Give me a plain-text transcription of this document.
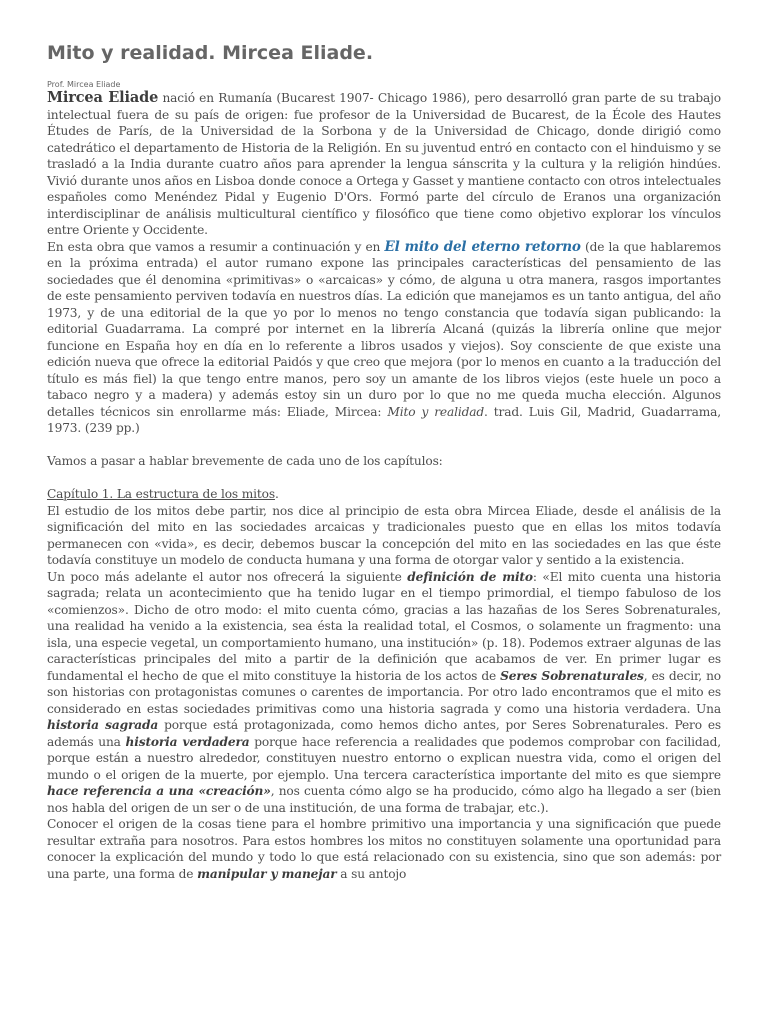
Mito y realidad. Mircea Eliade.
Prof. Mircea Eliade

Mircea Eliade nació en Rumanía (Bucarest 1907- Chicago 1986), pero desarrolló gran parte de su trabajo intelectual fuera de su país de origen: fue profesor de la Universidad de Bucarest, de la École des Hautes Études de París, de la Universidad de la Sorbona y de la Universidad de Chicago, donde dirigió como catedrático el departamento de Historia de la Religión. En su juventud entró en contacto con el hinduismo y se trasladó a la India durante cuatro años para aprender la lengua sánscrita y la cultura y la religión hindúes. Vivió durante unos años en Lisboa donde conoce a Ortega y Gasset y mantiene contacto con otros intelectuales españoles como Menéndez Pidal y Eugenio D'Ors. Formó parte del círculo de Eranos una organización interdisciplinar de análisis multicultural científico y filosófico que tiene como objetivo explorar los vínculos entre Oriente y Occidente.

En esta obra que vamos a resumir a continuación y en El mito del eterno retorno (de la que hablaremos en la próxima entrada) el autor rumano expone las principales características del pensamiento de las sociedades que él denomina «primitivas» o «arcaicas» y cómo, de alguna u otra manera, rasgos importantes de este pensamiento perviven todavía en nuestros días. La edición que manejamos es un tanto antigua, del año 1973, y de una editorial de la que yo por lo menos no tengo constancia que todavía sigan publicando: la editorial Guadarrama. La compré por internet en la librería Alcaná (quizás la librería online que mejor funcione en España hoy en día en lo referente a libros usados y viejos). Soy consciente de que existe una edición nueva que ofrece la editorial Paidós y que creo que mejora (por lo menos en cuanto a la traducción del título es más fiel) la que tengo entre manos, pero soy un amante de los libros viejos (este huele un poco a tabaco negro y a madera) y además estoy sin un duro por lo que no me queda mucha elección. Algunos detalles técnicos sin enrollarme más: Eliade, Mircea: Mito y realidad. trad. Luis Gil, Madrid, Guadarrama, 1973. (239 pp.)

Vamos a pasar a hablar brevemente de cada uno de los capítulos:

Capítulo 1. La estructura de los mitos.

El estudio de los mitos debe partir, nos dice al principio de esta obra Mircea Eliade, desde el análisis de la significación del mito en las sociedades arcaicas y tradicionales puesto que en ellas los mitos todavía permanecen con «vida», es decir, debemos buscar la concepción del mito en las sociedades en las que éste todavía constituye un modelo de conducta humana y una forma de otorgar valor y sentido a la existencia.

Un poco más adelante el autor nos ofrecerá la siguiente definición de mito: «El mito cuenta una historia sagrada; relata un acontecimiento que ha tenido lugar en el tiempo primordial, el tiempo fabuloso de los «comienzos». Dicho de otro modo: el mito cuenta cómo, gracias a las hazañas de los Seres Sobrenaturales, una realidad ha venido a la existencia, sea ésta la realidad total, el Cosmos, o solamente un fragmento: una isla, una especie vegetal, un comportamiento humano, una institución» (p. 18). Podemos extraer algunas de las características principales del mito a partir de la definición que acabamos de ver. En primer lugar es fundamental el hecho de que el mito constituye la historia de los actos de Seres Sobrenaturales, es decir, no son historias con protagonistas comunes o carentes de importancia. Por otro lado encontramos que el mito es considerado en estas sociedades primitivas como una historia sagrada y como una historia verdadera. Una historia sagrada porque está protagonizada, como hemos dicho antes, por Seres Sobrenaturales. Pero es además una historia verdadera porque hace referencia a realidades que podemos comprobar con facilidad, porque están a nuestro alrededor, constituyen nuestro entorno o explican nuestra vida, como el origen del mundo o el origen de la muerte, por ejemplo. Una tercera característica importante del mito es que siempre hace referencia a una «creación», nos cuenta cómo algo se ha producido, cómo algo ha llegado a ser (bien nos habla del origen de un ser o de una institución, de una forma de trabajar, etc.).

Conocer el origen de la cosas tiene para el hombre primitivo una importancia y una significación que puede resultar extraña para nosotros. Para estos hombres los mitos no constituyen solamente una oportunidad para conocer la explicación del mundo y todo lo que está relacionado con su existencia, sino que son además: por una parte, una forma de manipular y manejar a su antojo
